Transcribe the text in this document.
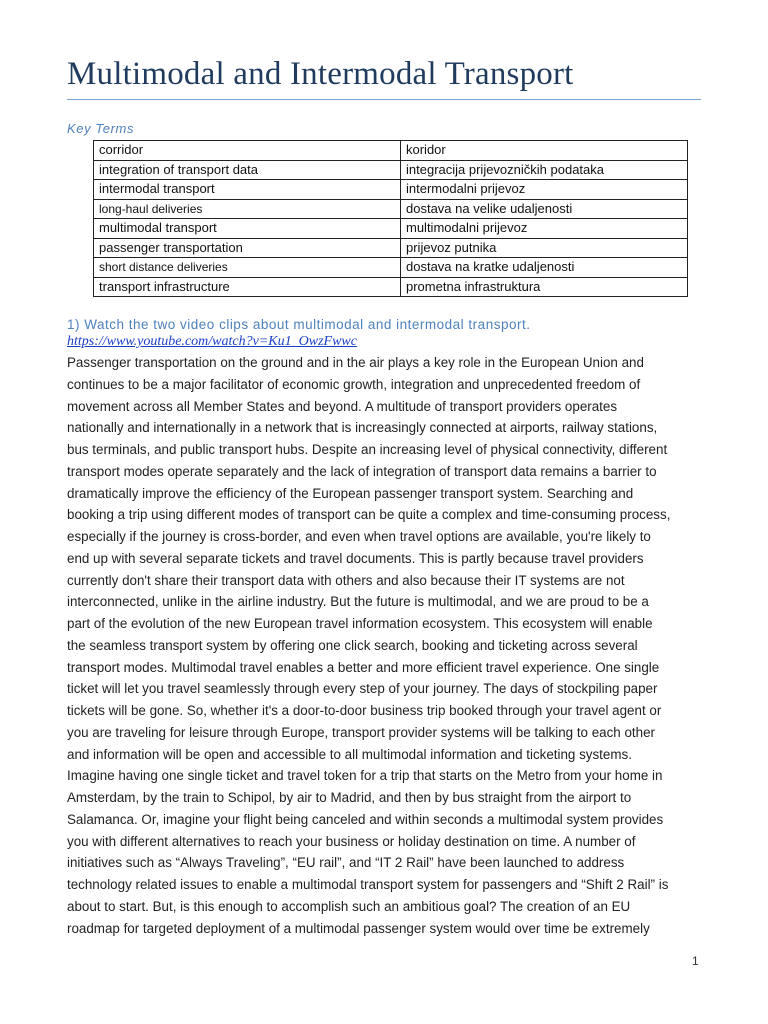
Multimodal and Intermodal Transport
Key Terms
corridor	koridor
integration of transport data	integracija prijevozničkih podataka
intermodal transport	intermodalni prijevoz
long-haul deliveries	dostava na velike udaljenosti
multimodal transport	multimodalni prijevoz
passenger transportation	prijevoz putnika
short distance deliveries	dostava na kratke udaljenosti
transport infrastructure	prometna infrastruktura
1) Watch the two video clips about multimodal and intermodal transport.
https://www.youtube.com/watch?v=Ku1_OwzFwwc
Passenger transportation on the ground and in the air plays a key role in the European Union and
continues to be a major facilitator of economic growth, integration and unprecedented freedom of
movement across all Member States and beyond. A multitude of transport providers operates
nationally and internationally in a network that is increasingly connected at airports, railway stations,
bus terminals, and public transport hubs. Despite an increasing level of physical connectivity, different
transport modes operate separately and the lack of integration of transport data remains a barrier to
dramatically improve the efficiency of the European passenger transport system. Searching and
booking a trip using different modes of transport can be quite a complex and time-consuming process,
especially if the journey is cross-border, and even when travel options are available, you're likely to
end up with several separate tickets and travel documents. This is partly because travel providers
currently don't share their transport data with others and also because their IT systems are not
interconnected, unlike in the airline industry. But the future is multimodal, and we are proud to be a
part of the evolution of the new European travel information ecosystem. This ecosystem will enable
the seamless transport system by offering one click search, booking and ticketing across several
transport modes. Multimodal travel enables a better and more efficient travel experience. One single
ticket will let you travel seamlessly through every step of your journey. The days of stockpiling paper
tickets will be gone. So, whether it's a door-to-door business trip booked through your travel agent or
you are traveling for leisure through Europe, transport provider systems will be talking to each other
and information will be open and accessible to all multimodal information and ticketing systems.
Imagine having one single ticket and travel token for a trip that starts on the Metro from your home in
Amsterdam, by the train to Schipol, by air to Madrid, and then by bus straight from the airport to
Salamanca. Or, imagine your flight being canceled and within seconds a multimodal system provides
you with different alternatives to reach your business or holiday destination on time. A number of
initiatives such as “Always Traveling”, “EU rail”, and “IT 2 Rail” have been launched to address
technology related issues to enable a multimodal transport system for passengers and “Shift 2 Rail” is
about to start. But, is this enough to accomplish such an ambitious goal? The creation of an EU
roadmap for targeted deployment of a multimodal passenger system would over time be extremely
1
